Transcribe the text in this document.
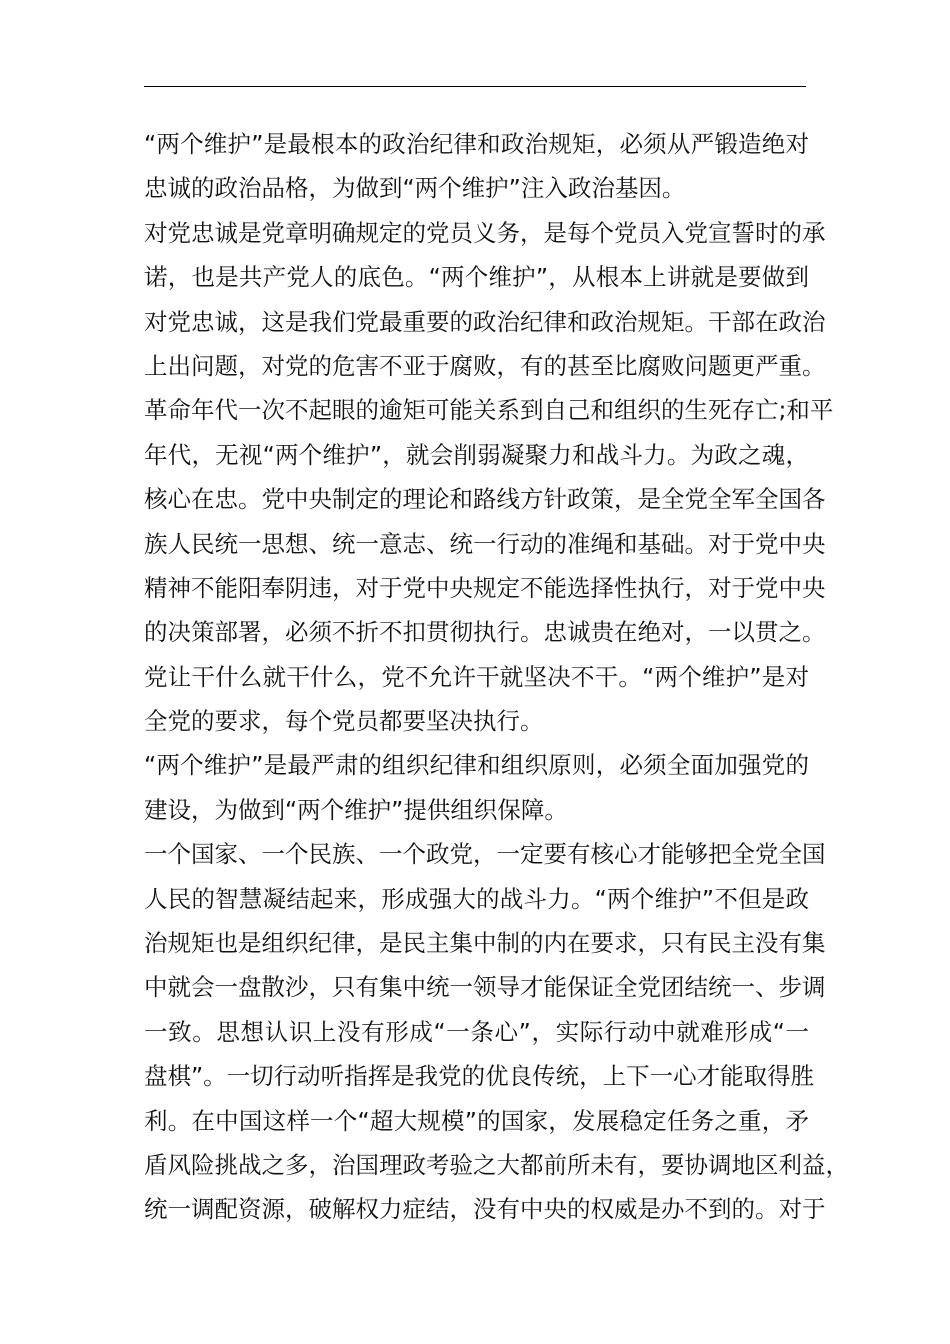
“两个维护”是最根本的政治纪律和政治规矩，必须从严锻造绝对
忠诚的政治品格，为做到“两个维护”注入政治基因。
对党忠诚是党章明确规定的党员义务，是每个党员入党宣誓时的承
诺，也是共产党人的底色。“两个维护”，从根本上讲就是要做到
对党忠诚，这是我们党最重要的政治纪律和政治规矩。干部在政治
上出问题，对党的危害不亚于腐败，有的甚至比腐败问题更严重。
革命年代一次不起眼的逾矩可能关系到自己和组织的生死存亡;和平
年代，无视“两个维护”，就会削弱凝聚力和战斗力。为政之魂，
核心在忠。党中央制定的理论和路线方针政策，是全党全军全国各
族人民统一思想、统一意志、统一行动的准绳和基础。对于党中央
精神不能阳奉阴违，对于党中央规定不能选择性执行，对于党中央
的决策部署，必须不折不扣贯彻执行。忠诚贵在绝对，一以贯之。
党让干什么就干什么，党不允许干就坚决不干。“两个维护”是对
全党的要求，每个党员都要坚决执行。
“两个维护”是最严肃的组织纪律和组织原则，必须全面加强党的
建设，为做到“两个维护”提供组织保障。
一个国家、一个民族、一个政党，一定要有核心才能够把全党全国
人民的智慧凝结起来，形成强大的战斗力。“两个维护”不但是政
治规矩也是组织纪律，是民主集中制的内在要求，只有民主没有集
中就会一盘散沙，只有集中统一领导才能保证全党团结统一、步调
一致。思想认识上没有形成“一条心”，实际行动中就难形成“一
盘棋”。一切行动听指挥是我党的优良传统，上下一心才能取得胜
利。在中国这样一个“超大规模”的国家，发展稳定任务之重，矛
盾风险挑战之多，治国理政考验之大都前所未有，要协调地区利益，
统一调配资源，破解权力症结，没有中央的权威是办不到的。对于
